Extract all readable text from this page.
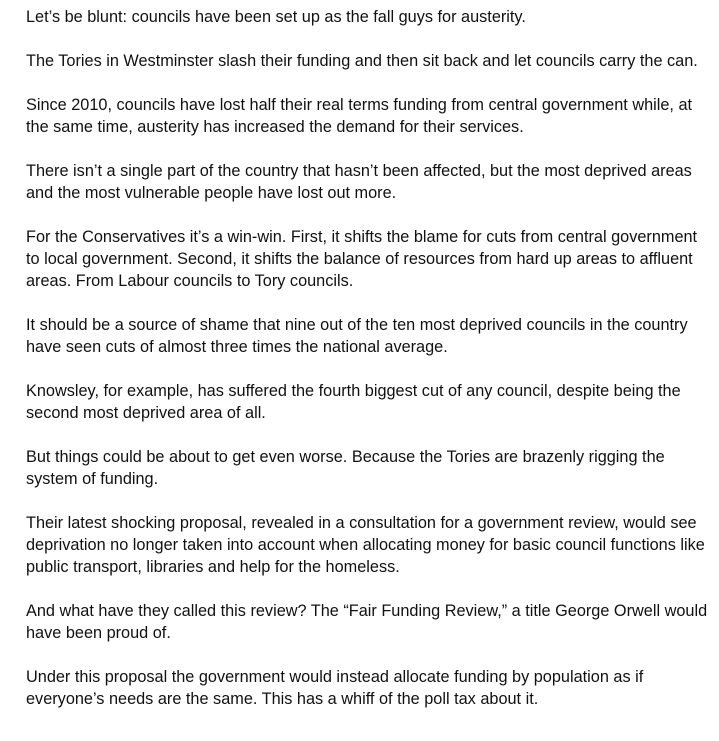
Let’s be blunt: councils have been set up as the fall guys for austerity.

The Tories in Westminster slash their funding and then sit back and let councils carry the can.

Since 2010, councils have lost half their real terms funding from central government while, at the same time, austerity has increased the demand for their services.

There isn’t a single part of the country that hasn’t been affected, but the most deprived areas and the most vulnerable people have lost out more.

For the Conservatives it’s a win-win. First, it shifts the blame for cuts from central government to local government. Second, it shifts the balance of resources from hard up areas to affluent areas. From Labour councils to Tory councils.

It should be a source of shame that nine out of the ten most deprived councils in the country have seen cuts of almost three times the national average.

Knowsley, for example, has suffered the fourth biggest cut of any council, despite being the second most deprived area of all.

But things could be about to get even worse. Because the Tories are brazenly rigging the system of funding.

Their latest shocking proposal, revealed in a consultation for a government review, would see deprivation no longer taken into account when allocating money for basic council functions like public transport, libraries and help for the homeless.

And what have they called this review? The “Fair Funding Review,” a title George Orwell would have been proud of.

Under this proposal the government would instead allocate funding by population as if everyone’s needs are the same. This has a whiff of the poll tax about it.
